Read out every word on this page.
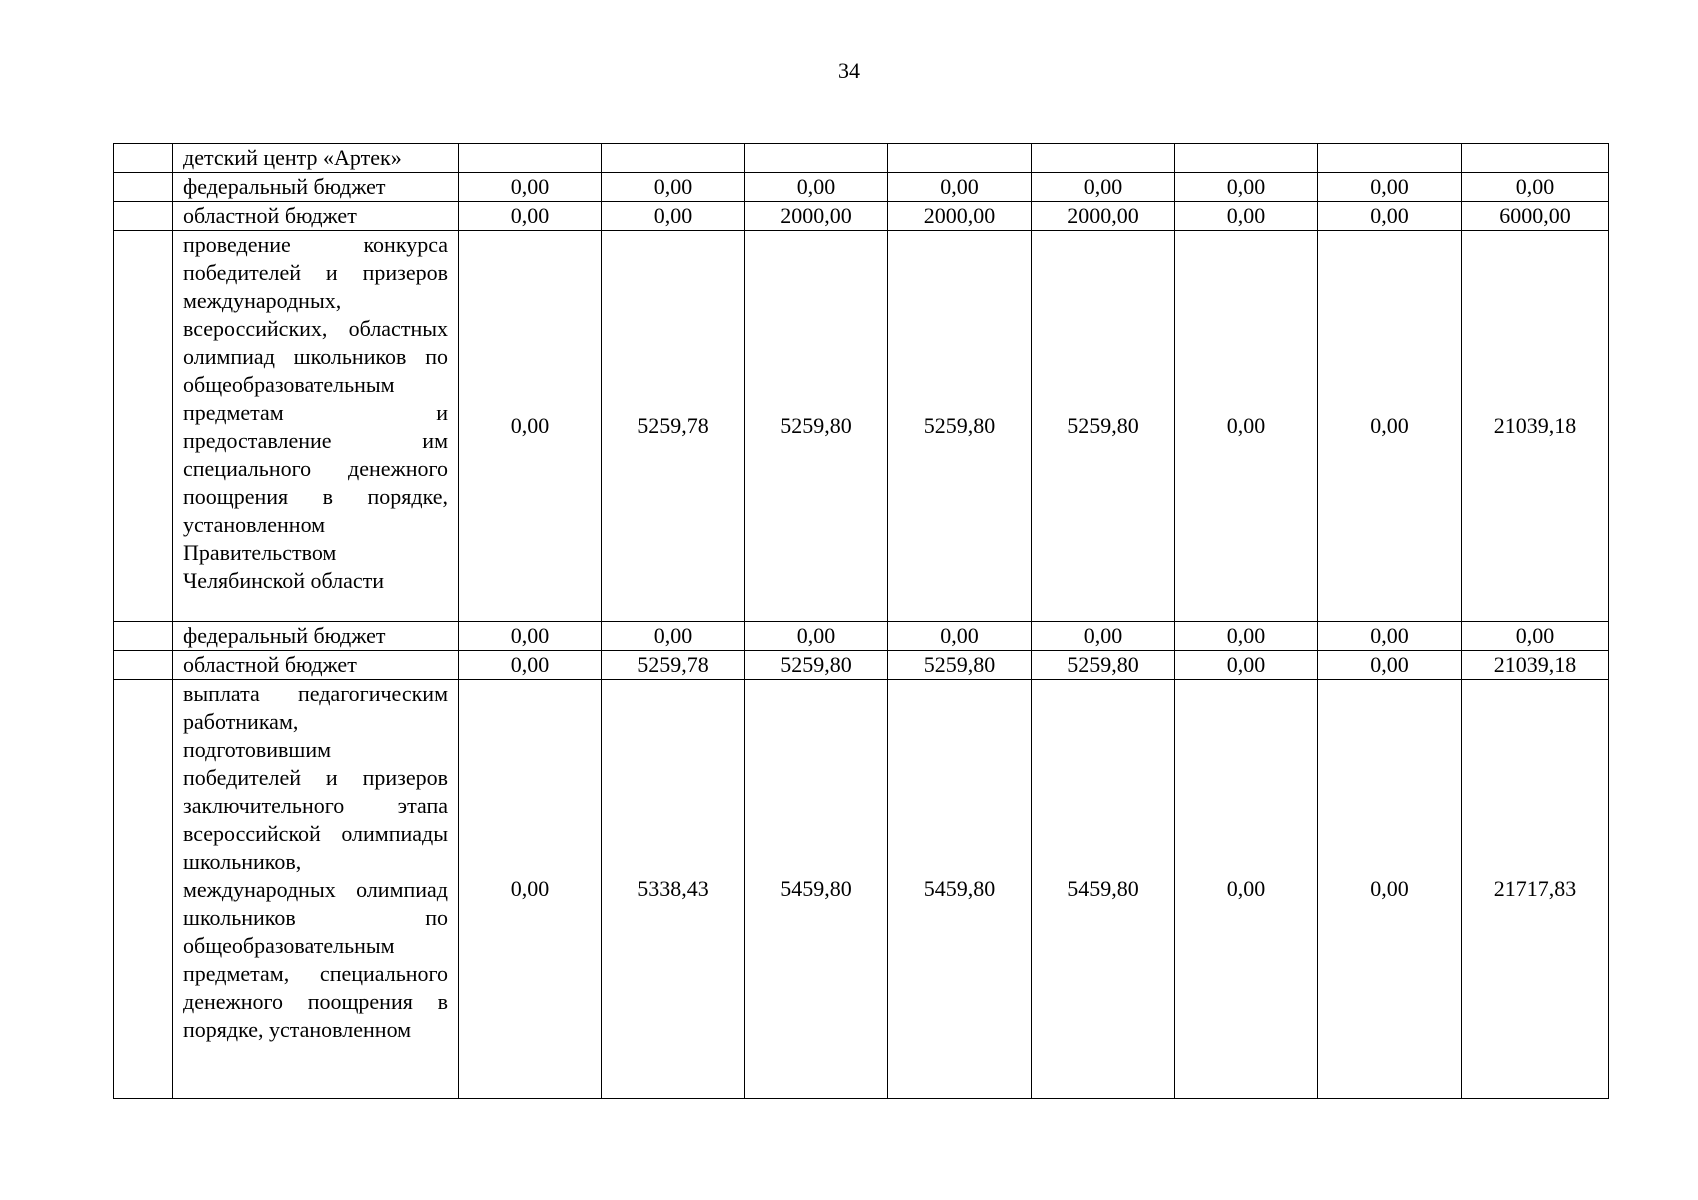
34
	детский центр «Артек»								
	федеральный бюджет	0,00	0,00	0,00	0,00	0,00	0,00	0,00	0,00
	областной бюджет	0,00	0,00	2000,00	2000,00	2000,00	0,00	0,00	6000,00
	проведение конкурса победителей и призеров международных, всероссийских, областных олимпиад школьников по общеобразовательным предметам и предоставление им специального денежного поощрения в порядке, установленном Правительством Челябинской области	0,00	5259,78	5259,80	5259,80	5259,80	0,00	0,00	21039,18
	федеральный бюджет	0,00	0,00	0,00	0,00	0,00	0,00	0,00	0,00
	областной бюджет	0,00	5259,78	5259,80	5259,80	5259,80	0,00	0,00	21039,18
	выплата педагогическим работникам, подготовившим победителей и призеров заключительного этапа всероссийской олимпиады школьников, международных олимпиад школьников по общеобразовательным предметам, специального денежного поощрения в порядке, установленном	0,00	5338,43	5459,80	5459,80	5459,80	0,00	0,00	21717,83
